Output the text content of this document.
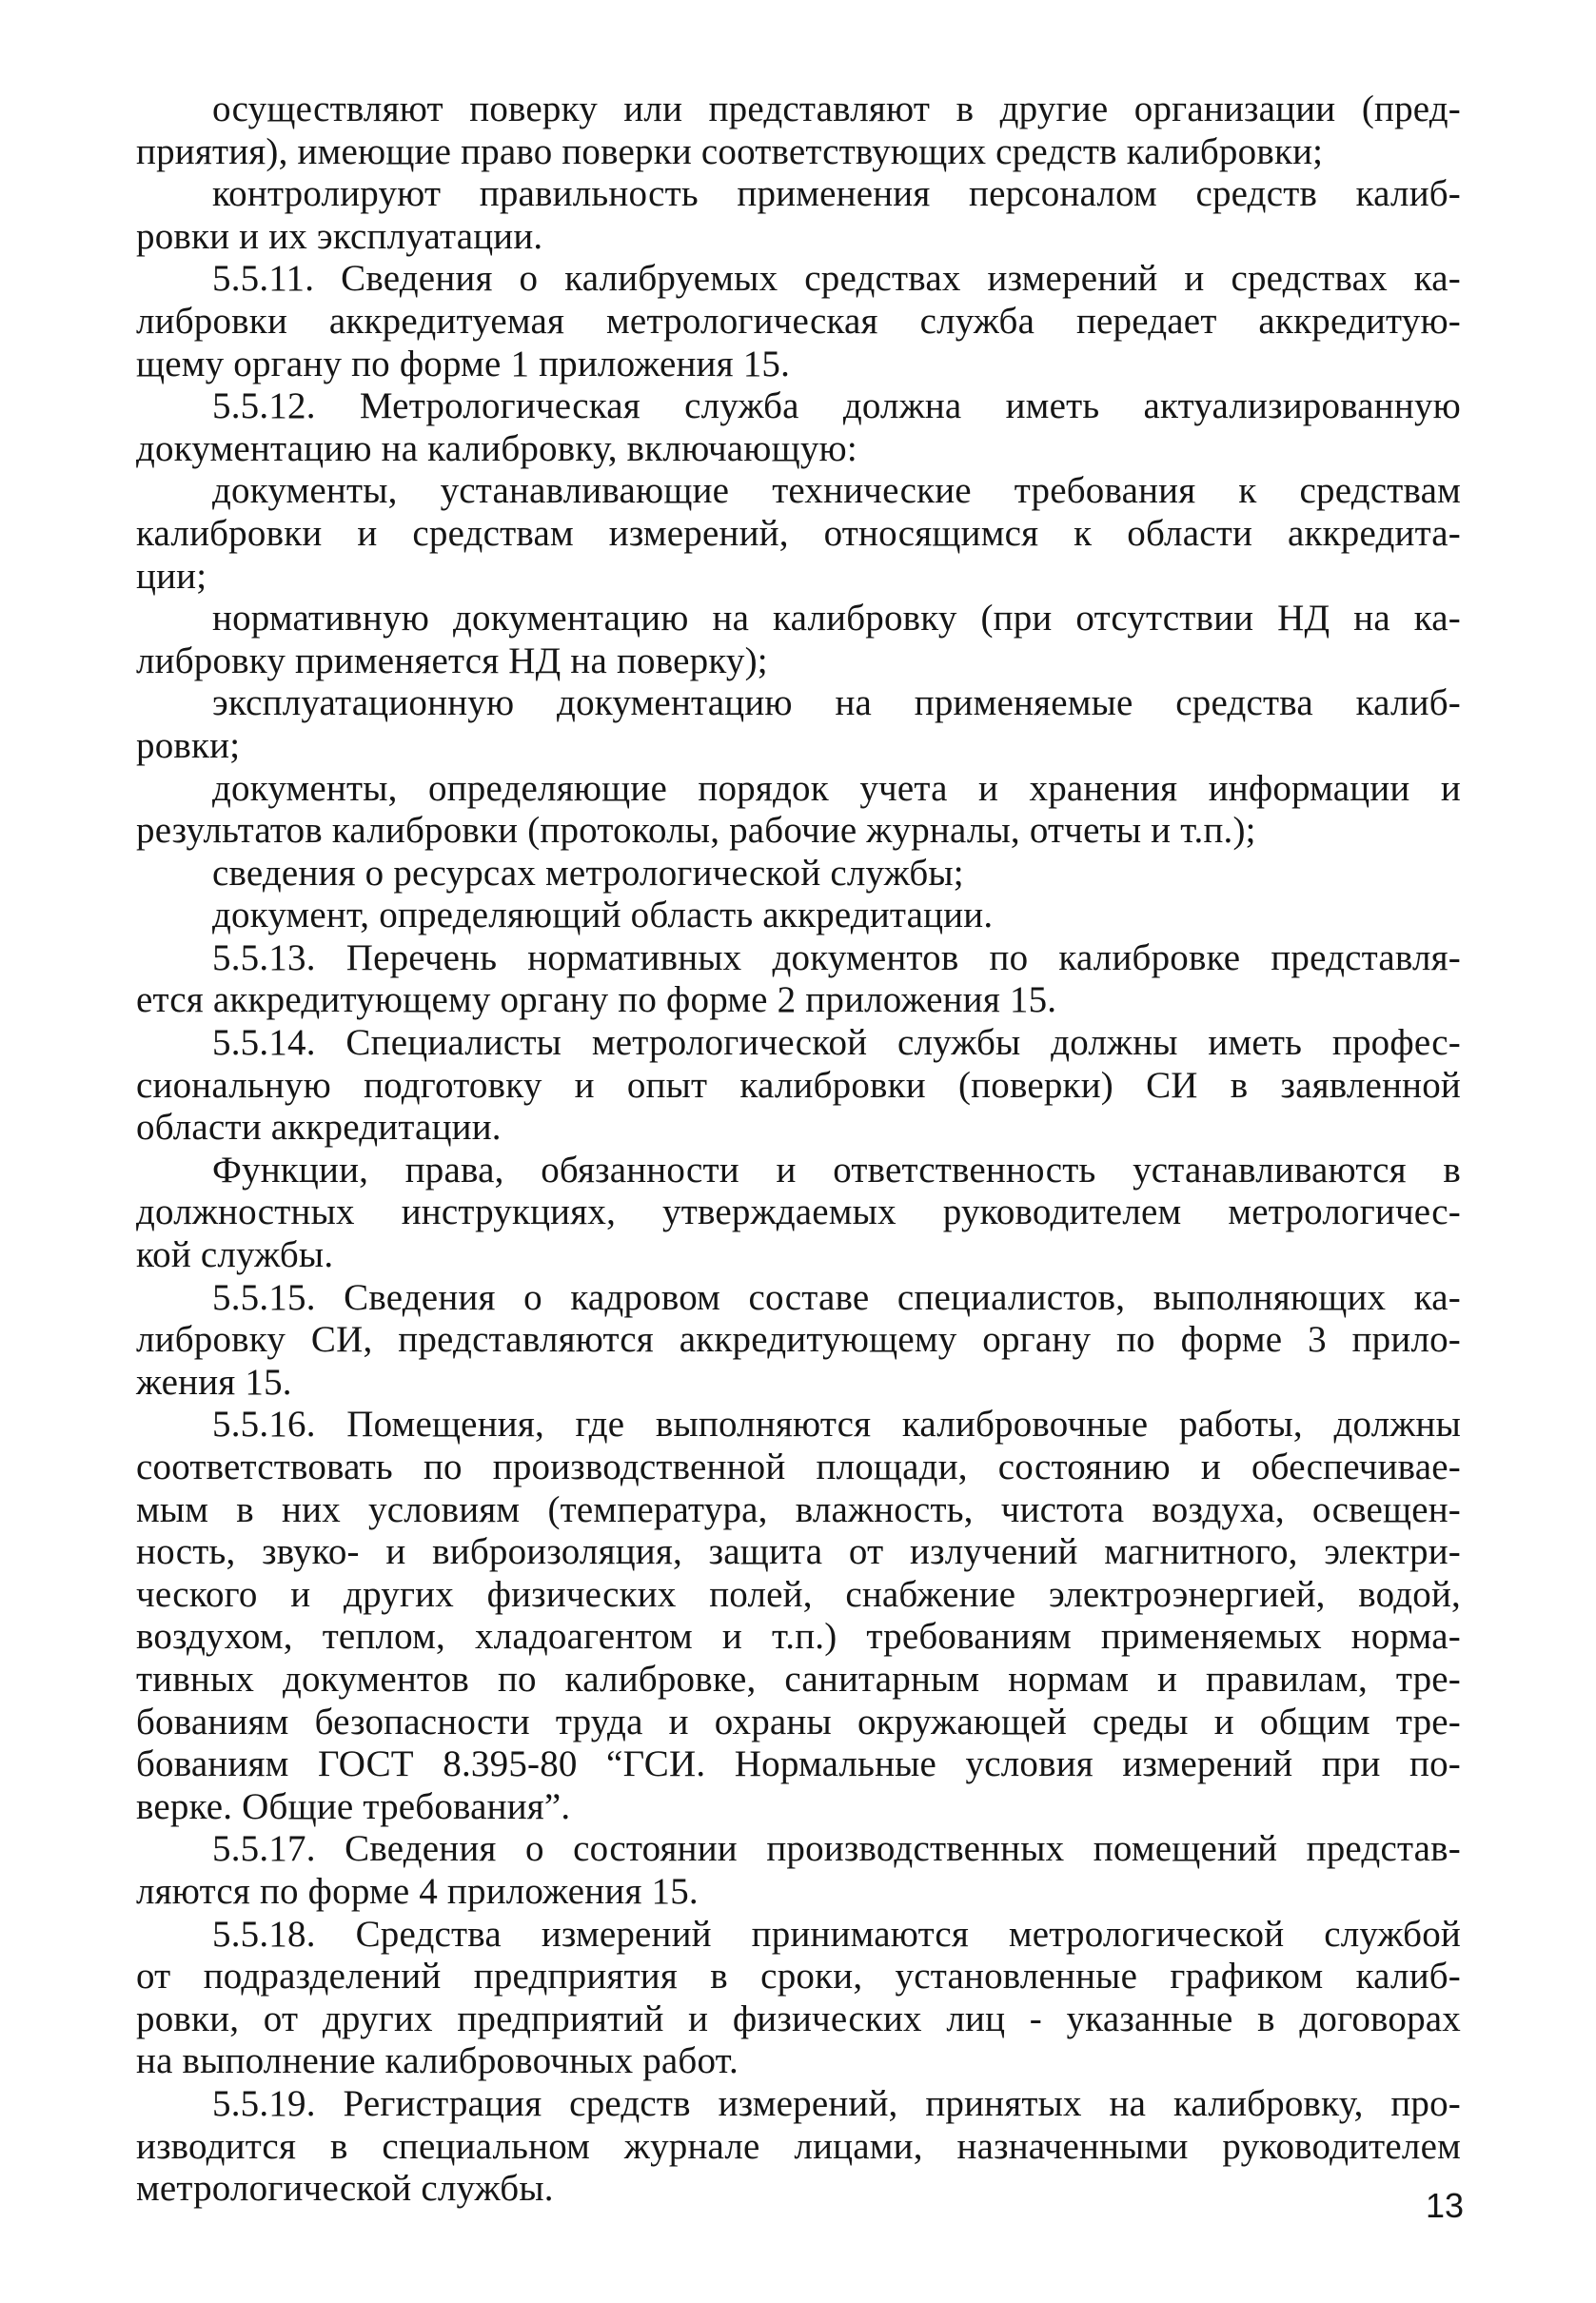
осуществляют поверку или представляют в другие организации (пред-
приятия), имеющие право поверки соответствующих средств калибровки;
контролируют правильность применения персоналом средств калиб-
ровки и их эксплуатации.
5.5.11. Сведения о калибруемых средствах измерений и средствах ка-
либровки аккредитуемая метрологическая служба передает аккредитую-
щему органу по форме 1 приложения 15.
5.5.12. Метрологическая служба должна иметь актуализированную
документацию на калибровку, включающую:
документы, устанавливающие технические требования к средствам
калибровки и средствам измерений, относящимся к области аккредита-
ции;
нормативную документацию на калибровку (при отсутствии НД на ка-
либровку применяется НД на поверку);
эксплуатационную документацию на применяемые средства калиб-
ровки;
документы, определяющие порядок учета и хранения информации и
результатов калибровки (протоколы, рабочие журналы, отчеты и т.п.);
сведения о ресурсах метрологической службы;
документ, определяющий область аккредитации.
5.5.13. Перечень нормативных документов по калибровке представля-
ется аккредитующему органу по форме 2 приложения 15.
5.5.14. Специалисты метрологической службы должны иметь профес-
сиональную подготовку и опыт калибровки (поверки) СИ в заявленной
области аккредитации.
Функции, права, обязанности и ответственность устанавливаются в
должностных инструкциях, утверждаемых руководителем метрологичес-
кой службы.
5.5.15. Сведения о кадровом составе специалистов, выполняющих ка-
либровку СИ, представляются аккредитующему органу по форме 3 прило-
жения 15.
5.5.16. Помещения, где выполняются калибровочные работы, должны
соответствовать по производственной площади, состоянию и обеспечивае-
мым в них условиям (температура, влажность, чистота воздуха, освещен-
ность, звуко- и виброизоляция, защита от излучений магнитного, электри-
ческого и других физических полей, снабжение электроэнергией, водой,
воздухом, теплом, хладоагентом и т.п.) требованиям применяемых норма-
тивных документов по калибровке, санитарным нормам и правилам, тре-
бованиям безопасности труда и охраны окружающей среды и общим тре-
бованиям ГОСТ 8.395-80 “ГСИ. Нормальные условия измерений при по-
верке. Общие требования”.
5.5.17. Сведения о состоянии производственных помещений представ-
ляются по форме 4 приложения 15.
5.5.18. Средства измерений принимаются метрологической службой
от подразделений предприятия в сроки, установленные графиком калиб-
ровки, от других предприятий и физических лиц - указанные в договорах
на выполнение калибровочных работ.
5.5.19. Регистрация средств измерений, принятых на калибровку, про-
изводится в специальном журнале лицами, назначенными руководителем
метрологической службы.	13
